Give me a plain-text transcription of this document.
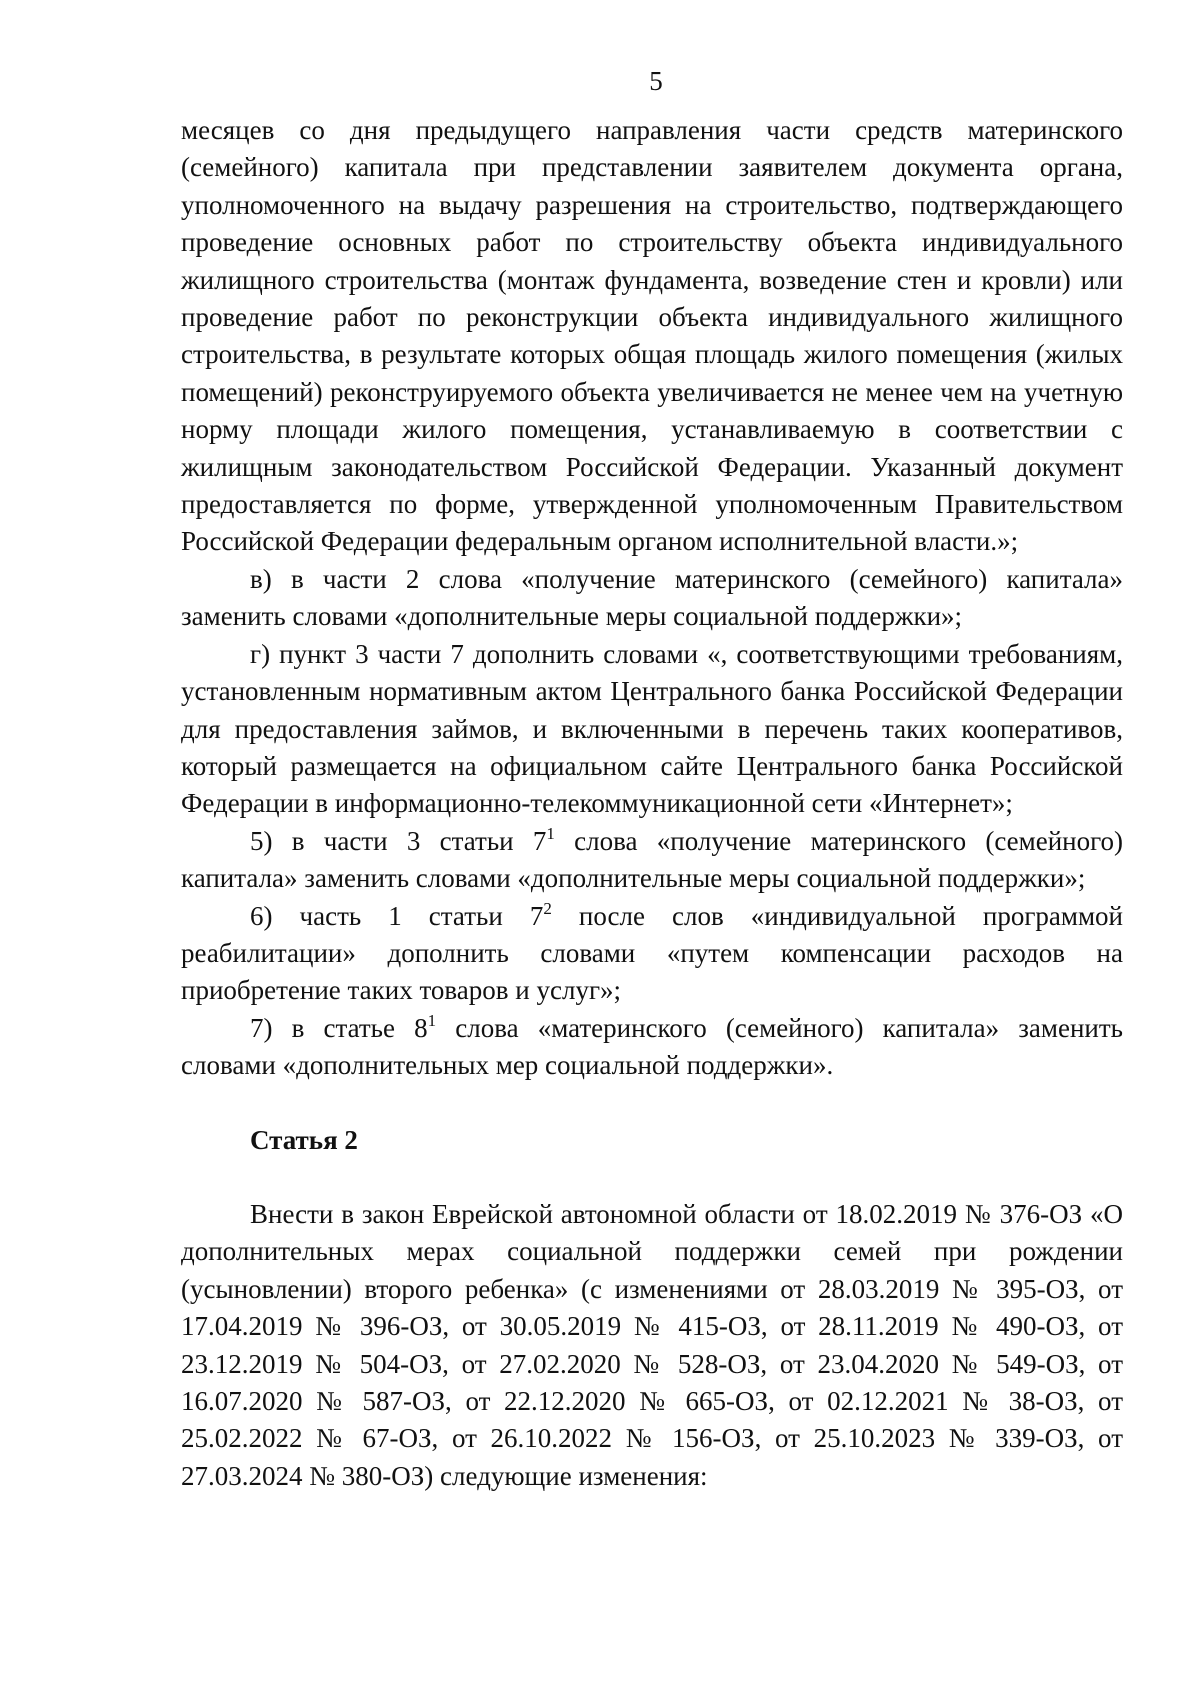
5

месяцев со дня предыдущего направления части средств материнского (семейного) капитала при представлении заявителем документа органа, уполномоченного на выдачу разрешения на строительство, подтверждающего проведение основных работ по строительству объекта индивидуального жилищного строительства (монтаж фундамента, возведение стен и кровли) или проведение работ по реконструкции объекта индивидуального жилищного строительства, в результате которых общая площадь жилого помещения (жилых помещений) реконструируемого объекта увеличивается не менее чем на учетную норму площади жилого помещения, устанавливаемую в соответствии с жилищным законодательством Российской Федерации. Указанный документ предоставляется по форме, утвержденной уполномоченным Правительством Российской Федерации федеральным органом исполнительной власти.»;

в) в части 2 слова «получение материнского (семейного) капитала» заменить словами «дополнительные меры социальной поддержки»;

г) пункт 3 части 7 дополнить словами «, соответствующими требованиям, установленным нормативным актом Центрального банка Российской Федерации для предоставления займов, и включенными в перечень таких кооперативов, который размещается на официальном сайте Центрального банка Российской Федерации в информационно-телекоммуникационной сети «Интернет»;

5) в части 3 статьи $7^1$ слова «получение материнского (семейного) капитала» заменить словами «дополнительные меры социальной поддержки»;

6) часть 1 статьи $7^2$ после слов «индивидуальной программой реабилитации» дополнить словами «путем компенсации расходов на приобретение таких товаров и услуг»;

7) в статье $8^1$ слова «материнского (семейного) капитала» заменить словами «дополнительных мер социальной поддержки».

Статья 2

Внести в закон Еврейской автономной области от 18.02.2019 № 376-ОЗ «О дополнительных мерах социальной поддержки семей при рождении (усыновлении) второго ребенка» (с изменениями от 28.03.2019 № 395-ОЗ, от 17.04.2019 № 396-ОЗ, от 30.05.2019 № 415-ОЗ, от 28.11.2019 № 490-ОЗ, от 23.12.2019 № 504-ОЗ, от 27.02.2020 № 528-ОЗ, от 23.04.2020 № 549-ОЗ, от 16.07.2020 № 587-ОЗ, от 22.12.2020 № 665-ОЗ, от 02.12.2021 № 38-ОЗ, от 25.02.2022 № 67-ОЗ, от 26.10.2022 № 156-ОЗ, от 25.10.2023 № 339-ОЗ, от 27.03.2024 № 380-ОЗ) следующие изменения:
